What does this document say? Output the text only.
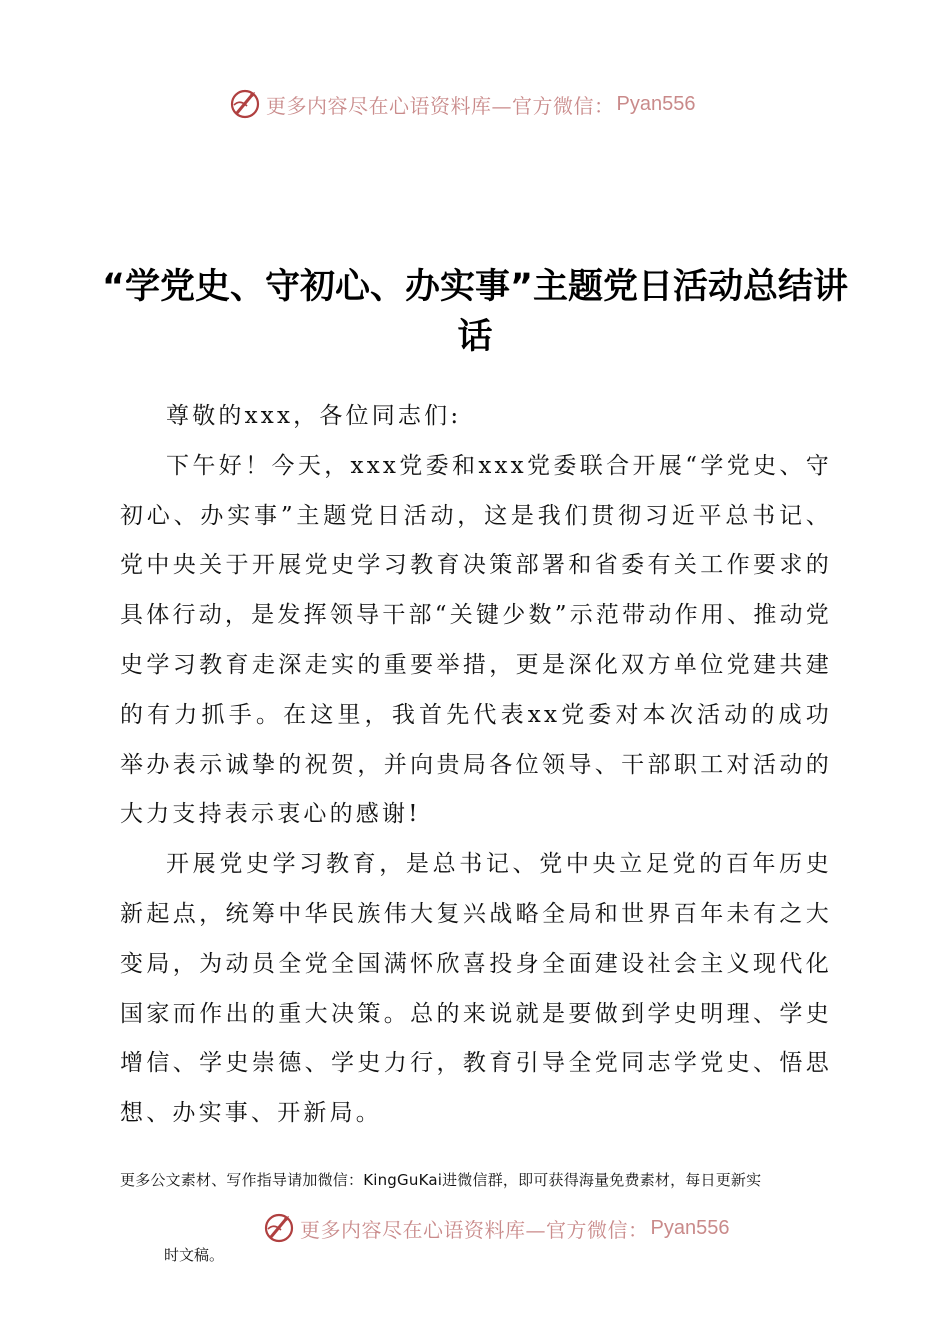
更多内容尽在心语资料库—官方微信： Pyan556
“学党史、守初心、办实事”主题党日活动总结讲话

尊敬的xxx，各位同志们:

下午好！今天，xxx党委和xxx党委联合开展“学党史、守初心、办实事”主题党日活动，这是我们贯彻习近平总书记、党中央关于开展党史学习教育决策部署和省委有关工作要求的具体行动，是发挥领导干部“关键少数”示范带动作用、推动党史学习教育走深走实的重要举措，更是深化双方单位党建共建的有力抓手。在这里，我首先代表xx党委对本次活动的成功举办表示诚挚的祝贺，并向贵局各位领导、干部职工对活动的大力支持表示衷心的感谢!

开展党史学习教育，是总书记、党中央立足党的百年历史新起点，统筹中华民族伟大复兴战略全局和世界百年未有之大变局，为动员全党全国满怀欣喜投身全面建设社会主义现代化国家而作出的重大决策。总的来说就是要做到学史明理、学史增信、学史崇德、学史力行，教育引导全党同志学党史、悟思想、办实事、开新局。

更多公文素材、写作指导请加微信：KingGuKai进微信群，即可获得海量免费素材，每日更新实
更多内容尽在心语资料库—官方微信： Pyan556
时文稿。
